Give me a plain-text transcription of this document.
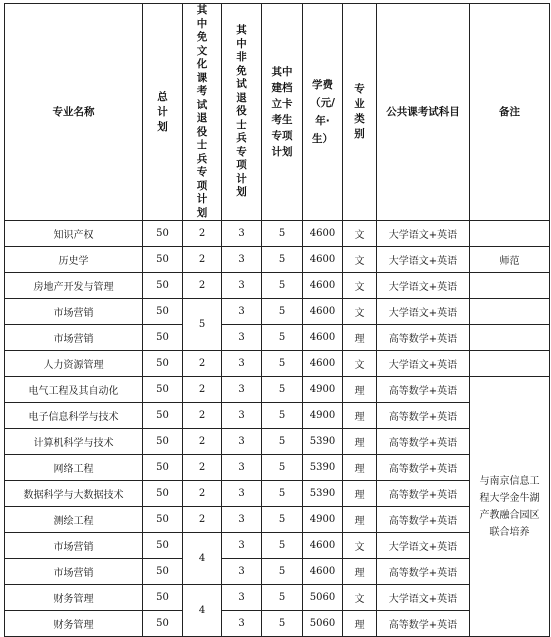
专业名称	总计划	其中免文化课考试退役士兵专项计划	其中非免试退役士兵专项计划	其中建档立卡考生专项计划	学费（元/年·生）	专业类别	公共课考试科目	备注
知识产权	50	2	3	5	4600	文	大学语文+英语	
历史学	50	2	3	5	4600	文	大学语文+英语	师范
房地产开发与管理	50	2	3	5	4600	文	大学语文+英语	
市场营销	50	5	3	5	4600	文	大学语文+英语	
市场营销	50		3	5	4600	理	高等数学+英语	
人力资源管理	50	2	3	5	4600	文	大学语文+英语	
电气工程及其自动化	50	2	3	5	4900	理	高等数学+英语	与南京信息工程大学金牛湖产教融合园区联合培养
电子信息科学与技术	50	2	3	5	4900	理	高等数学+英语	
计算机科学与技术	50	2	3	5	5390	理	高等数学+英语	
网络工程	50	2	3	5	5390	理	高等数学+英语	
数据科学与大数据技术	50	2	3	5	5390	理	高等数学+英语	
测绘工程	50	2	3	5	4900	理	高等数学+英语	
市场营销	50	4	3	5	4600	文	大学语文+英语	
市场营销	50		3	5	4600	理	高等数学+英语	
财务管理	50	4	3	5	5060	文	大学语文+英语	
财务管理	50		3	5	5060	理	高等数学+英语	
